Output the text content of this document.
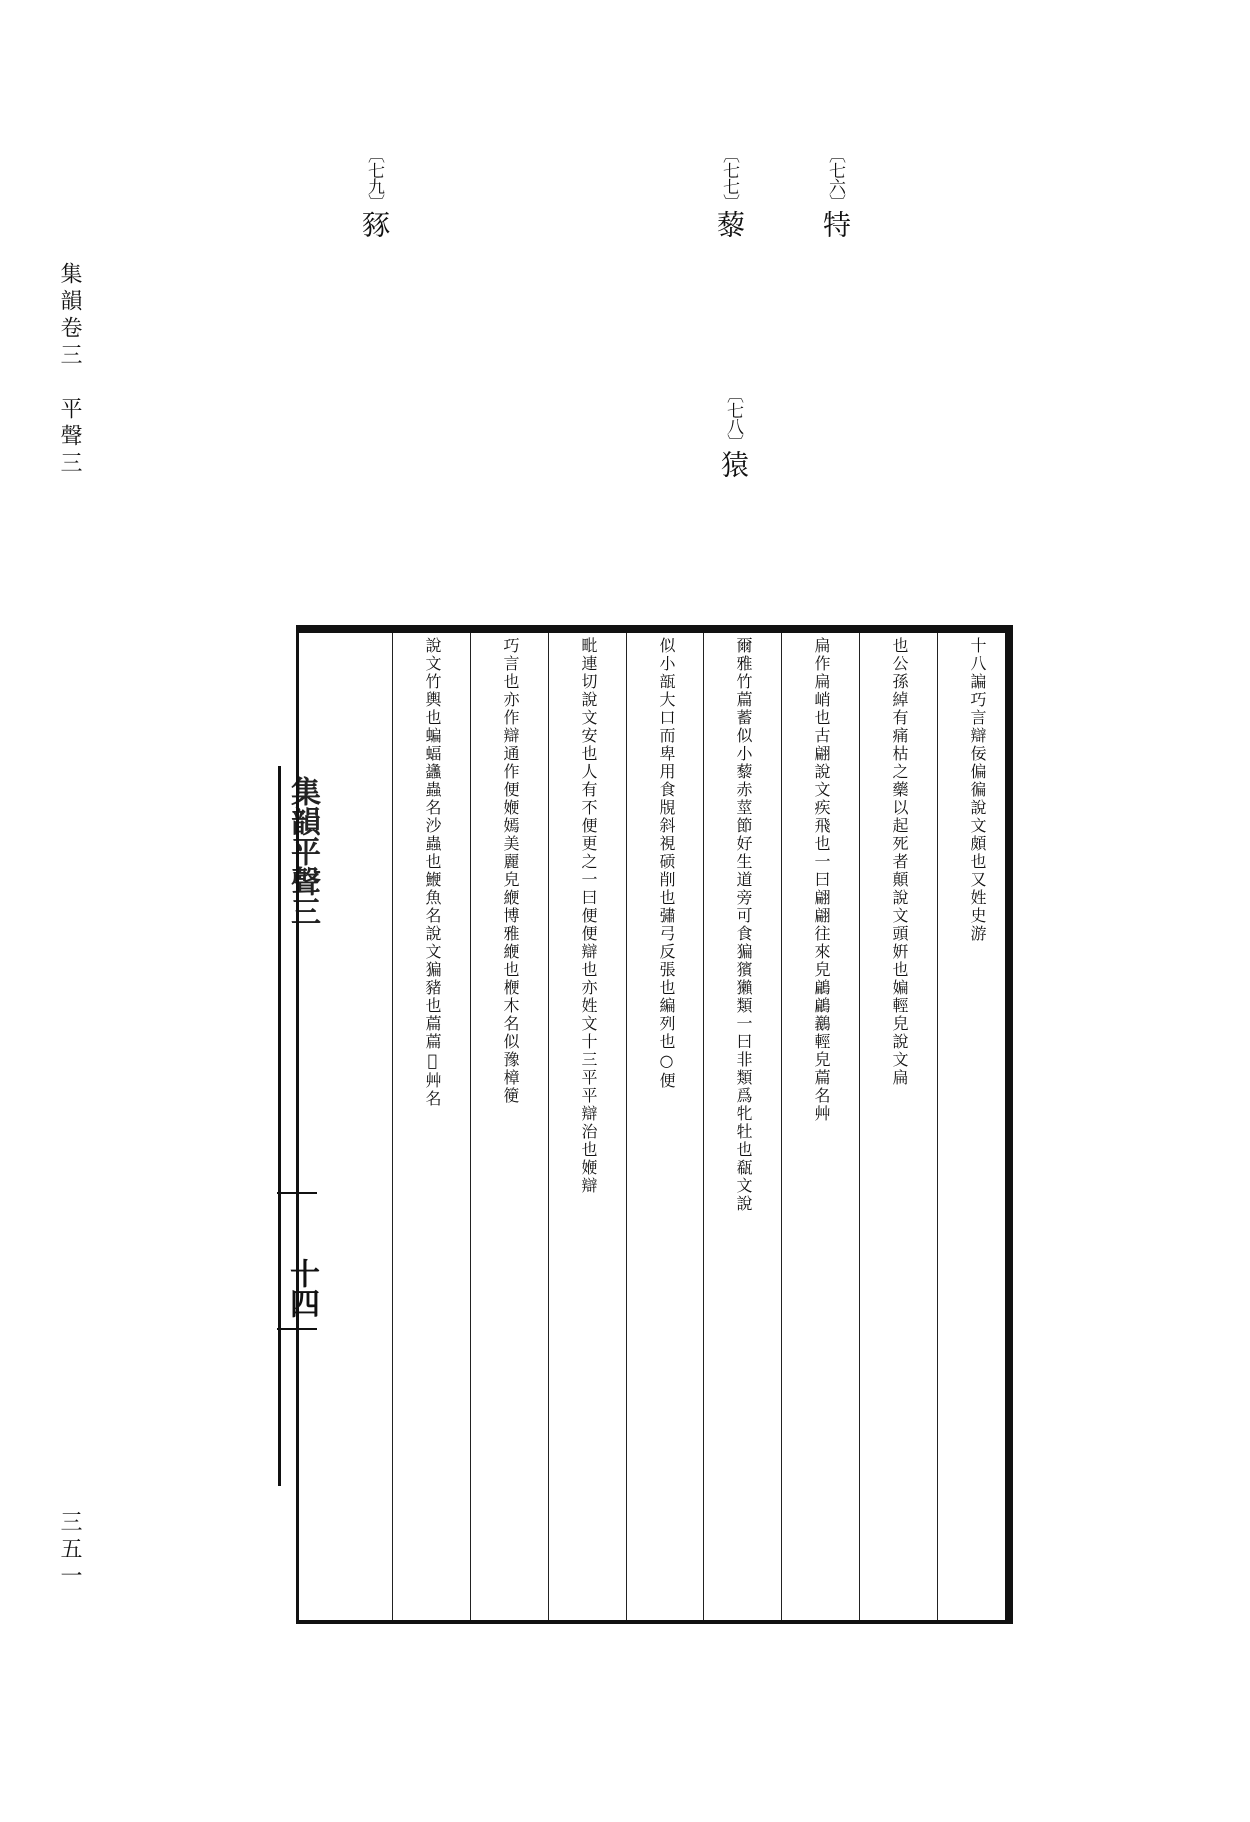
集韻卷三　平聲三
三五一
〔七六〕特
〔七七〕藜
〔七八〕猿
〔七九〕豩
集韻平聲三
十四
十八諞巧言辯佞偏徧說文頗也又姓史游
也公孫綽有痛枯之藥以起死者顛說文頭姸也媥輕皃說文扁
扁作扁峭也古翩說文疾飛也一曰翩翩往來皃鶣鶣䴊輕皃萹名艸
爾雅竹萹蓄似小藜赤莖節好生道旁可食猵獱獺類一曰非類爲牝牡也瓻文說
似小瓿大口而卑用食覑斜視䂵削也彇弓反張也編列也○便
毗連切說文安也人有不便更之一曰便便辯也亦姓文十三平平辯治也㛹辯
巧言也亦作辯通作便㛹嫣美麗皃緶博雅緶也楩木名似豫樟箯
說文竹輿也蝙蝠蠭蟲名沙蟲也鯾魚名說文猵豬也萹萹𧅭艸名
